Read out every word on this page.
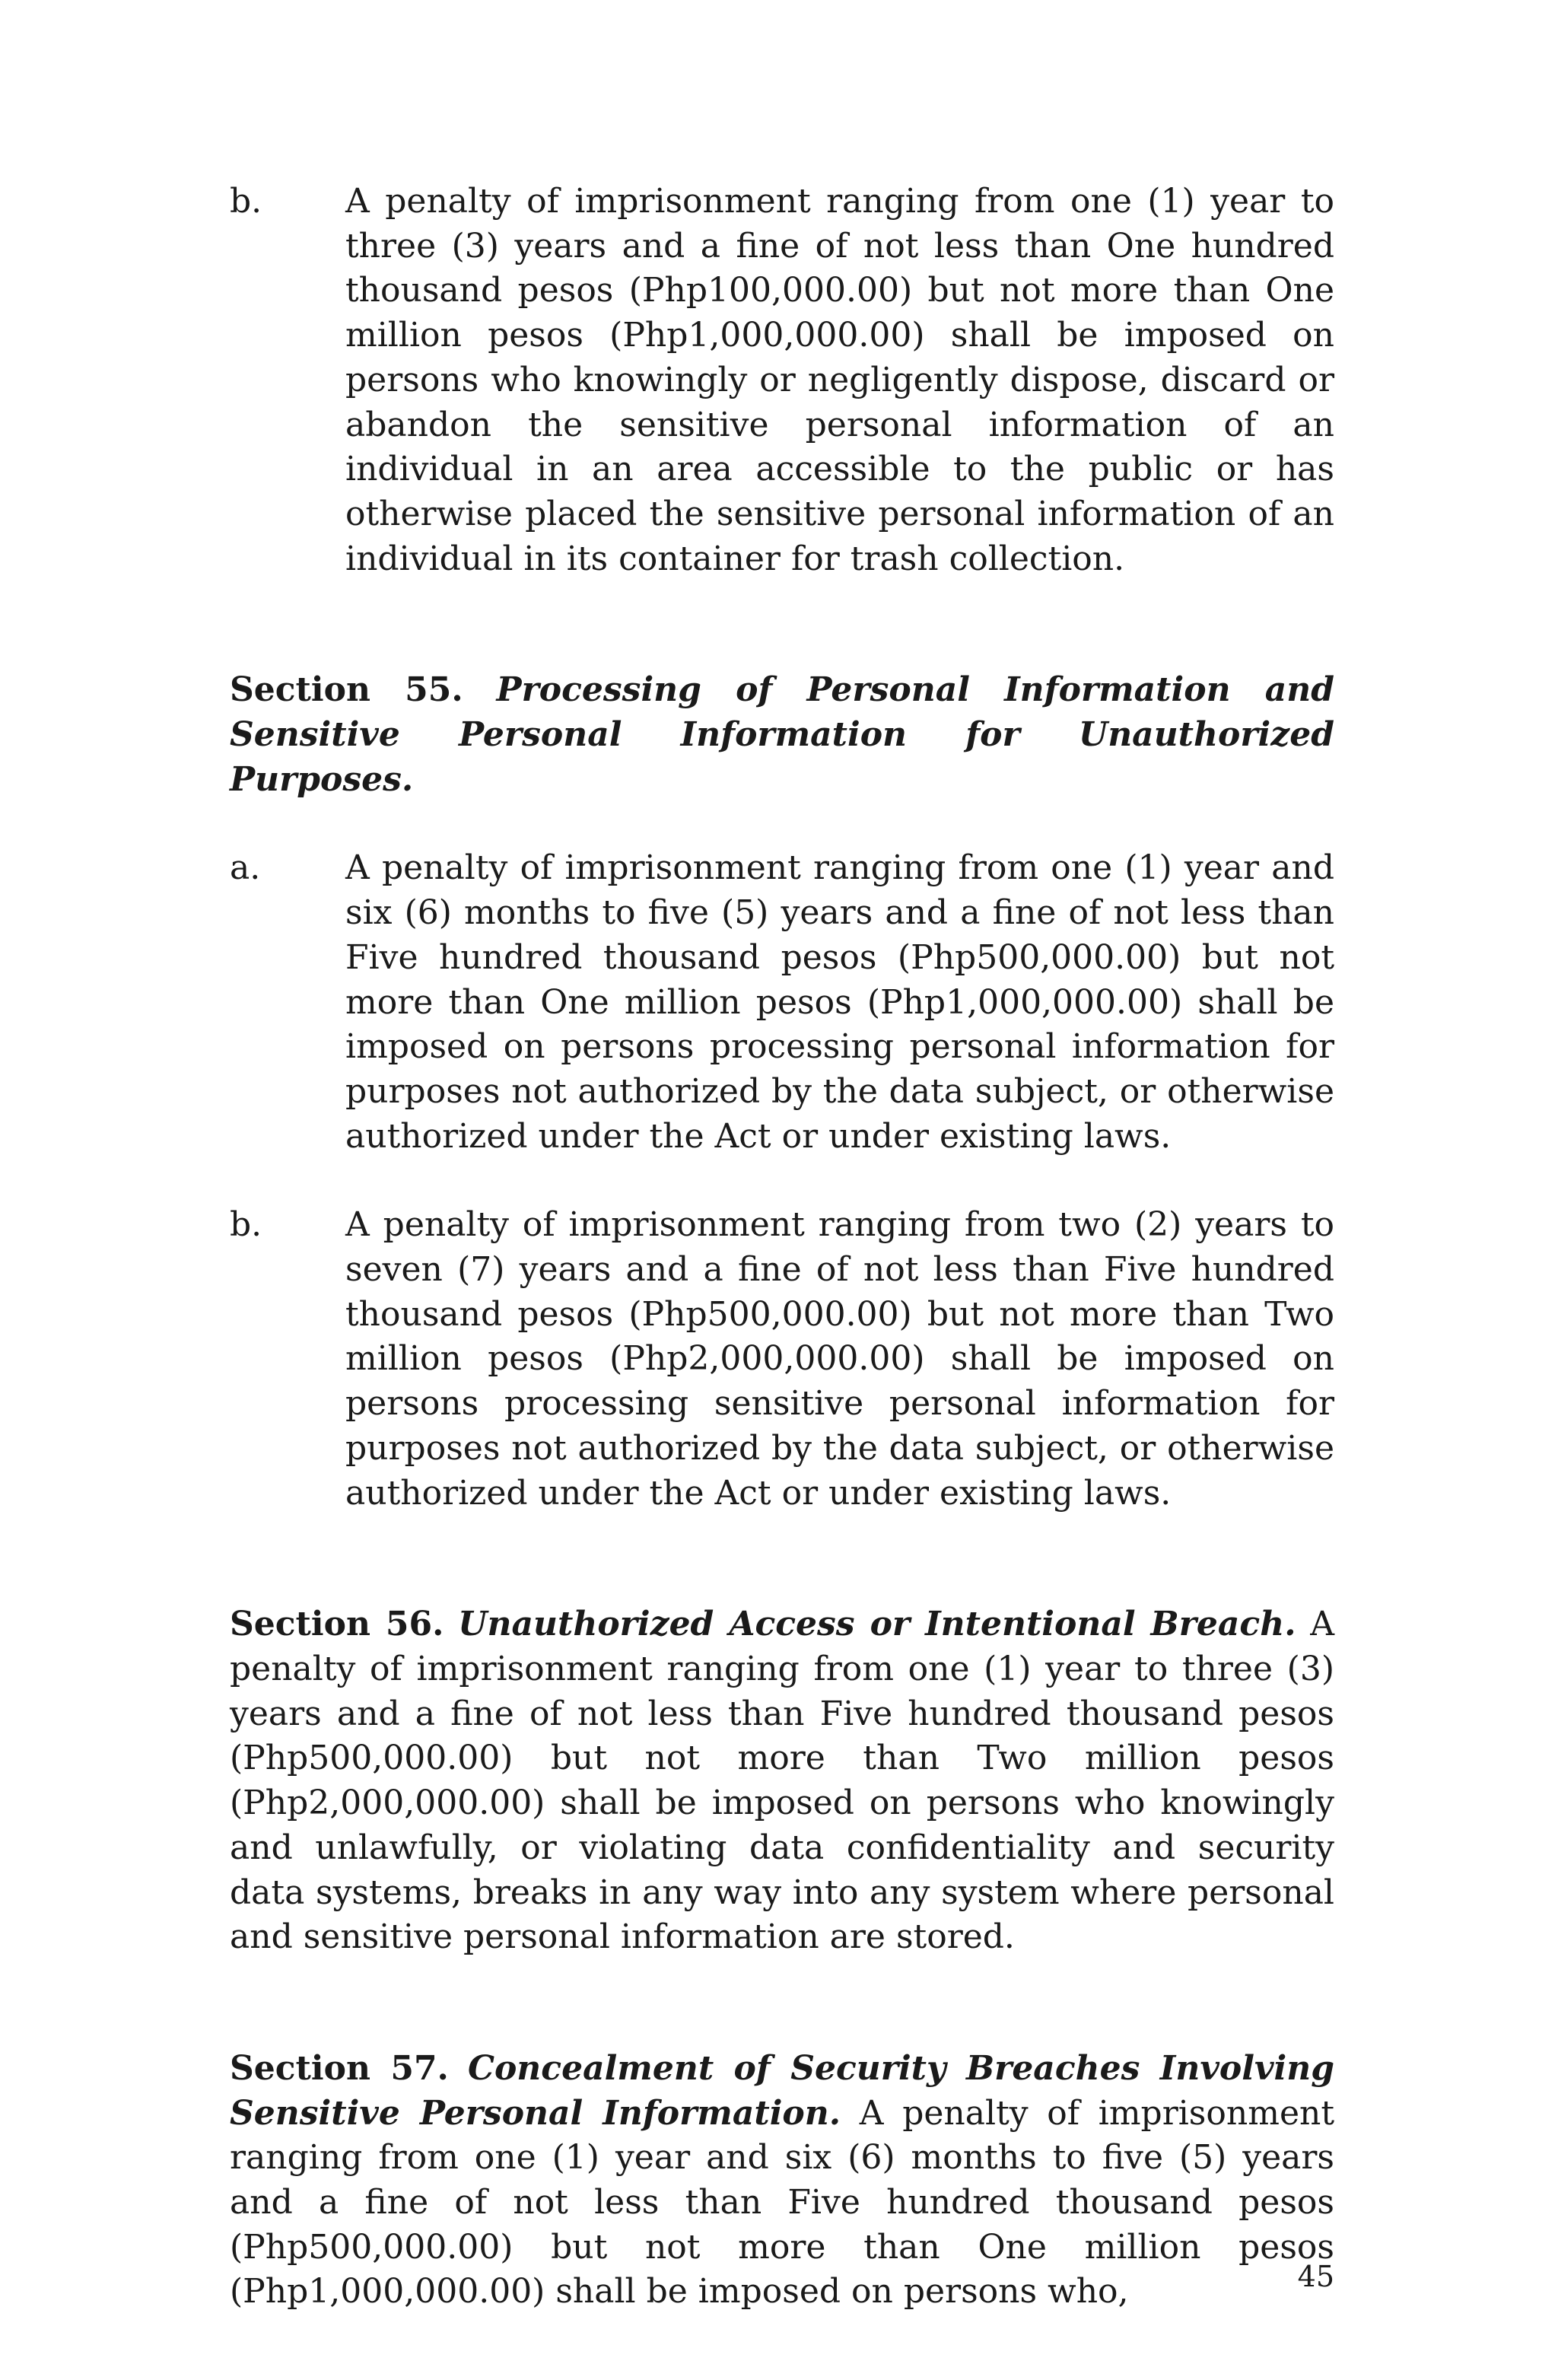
b. A penalty of imprisonment ranging from one (1) year to three (3) years and a fine of not less than One hundred thousand pesos (Php100,000.00) but not more than One million pesos (Php1,000,000.00) shall be imposed on persons who knowingly or negligently dispose, discard or abandon the sensitive personal information of an individual in an area accessible to the public or has otherwise placed the sensitive personal information of an individual in its container for trash collection.

Section 55. Processing of Personal Information and Sensitive Personal Information for Unauthorized Purposes.

a.	A penalty of imprisonment ranging from one (1) year and six (6) months to five (5) years and a fine of not less than Five hundred thousand pesos (Php500,000.00) but not more than One million pesos (Php1,000,000.00) shall be imposed on persons processing personal information for purposes not authorized by the data subject, or otherwise authorized under the Act or under existing laws.

b. A penalty of imprisonment ranging from two (2) years to seven (7) years and a fine of not less than Five hundred thousand pesos (Php500,000.00) but not more than Two million pesos (Php2,000,000.00) shall be imposed on persons processing sensitive personal information for purposes not authorized by the data subject, or otherwise authorized under the Act or under existing laws.

Section 56. Unauthorized Access or Intentional Breach. A penalty of imprisonment ranging from one (1) year to three (3) years and a fine of not less than Five hundred thousand pesos (Php500,000.00) but not more than Two million pesos (Php2,000,000.00) shall be imposed on persons who knowingly and unlawfully, or violating data confidentiality and security data systems, breaks in any way into any system where personal and sensitive personal information are stored.

Section 57. Concealment of Security Breaches Involving Sensitive Personal Information. A penalty of imprisonment ranging from one (1) year and six (6) months to five (5) years and a fine of not less than Five hundred thousand pesos (Php500,000.00) but not more than One million pesos (Php1,000,000.00) shall be imposed on persons who,	45
